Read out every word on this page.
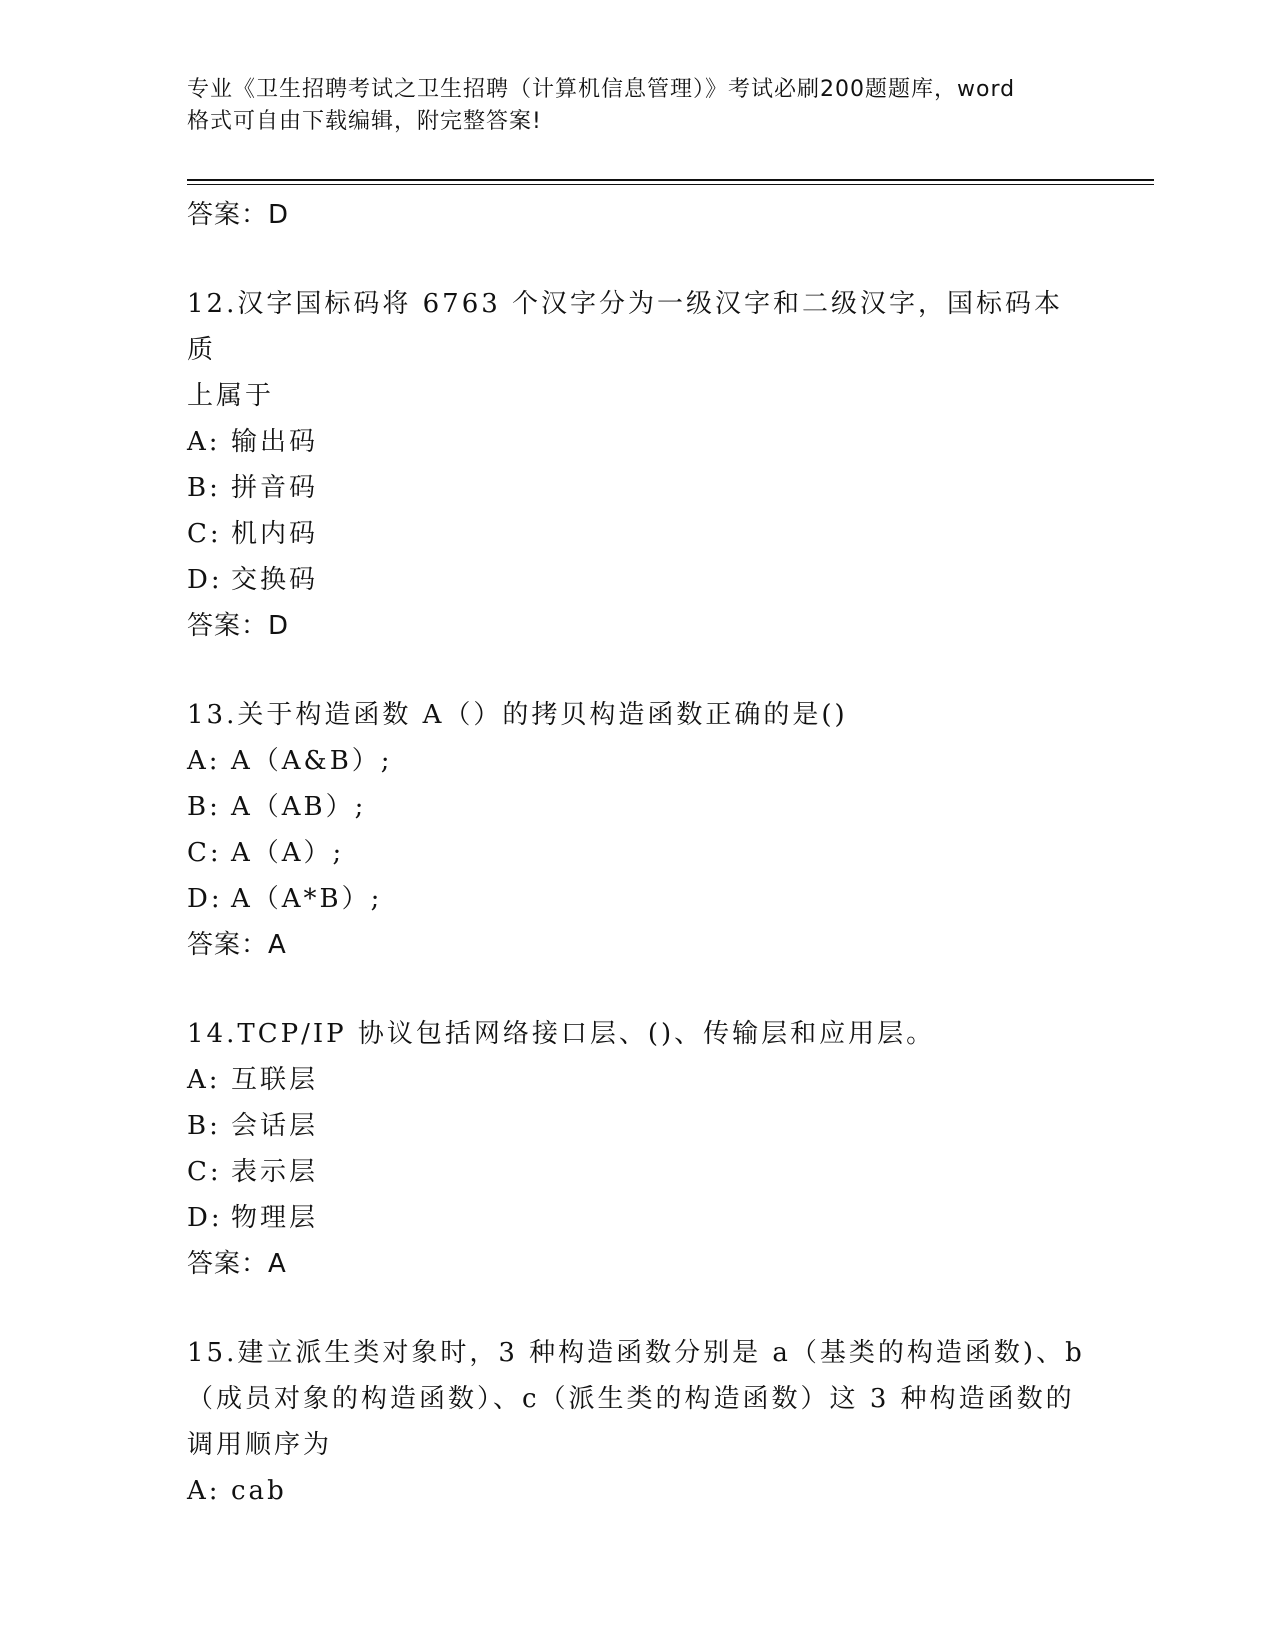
专业《卫生招聘考试之卫生招聘（计算机信息管理）》考试必刷200题题库，word
格式可自由下载编辑，附完整答案!
答案：D
12.汉字国标码将 6763 个汉字分为一级汉字和二级汉字，国标码本质
上属于
A: 输出码
B: 拼音码
C: 机内码
D: 交换码
答案：D
13.关于构造函数 A（）的拷贝构造函数正确的是()
A: A（A&B）;
B: A（AB）;
C: A（A）;
D: A（A*B）;
答案：A
14.TCP/IP 协议包括网络接口层、()、传输层和应用层。
A: 互联层
B: 会话层
C: 表示层
D: 物理层
答案：A
15.建立派生类对象时，3 种构造函数分别是 a（基类的构造函数)、b
（成员对象的构造函数）、c（派生类的构造函数）这 3 种构造函数的
调用顺序为
A: cab
